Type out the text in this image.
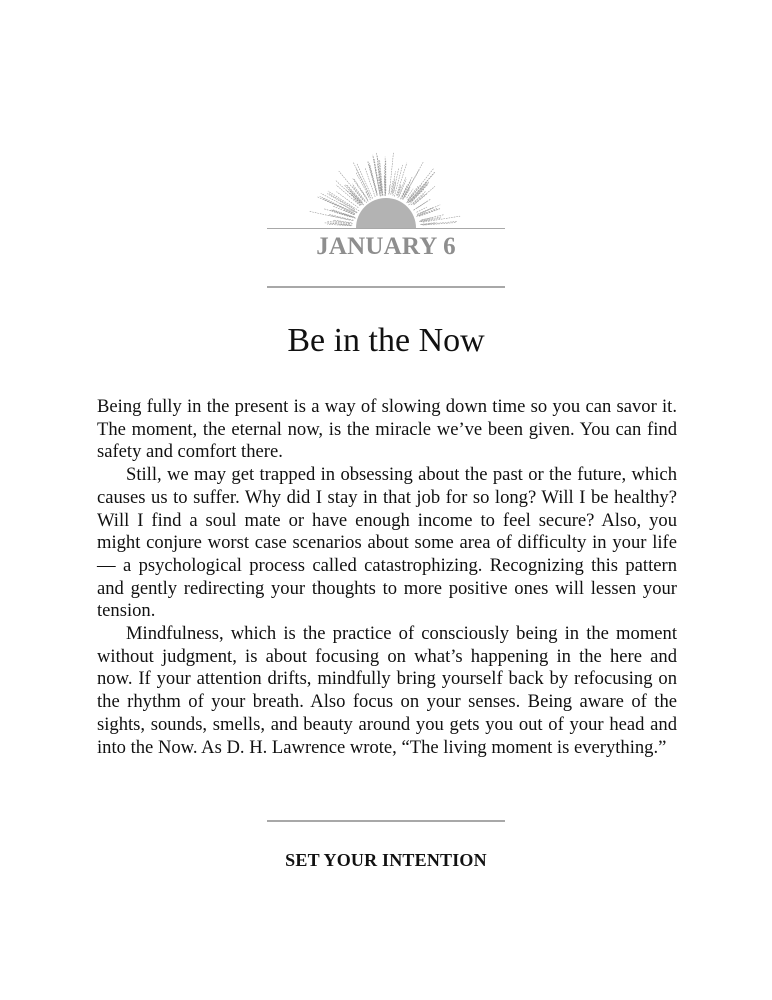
JANUARY 6
Be in the Now

Being fully in the present is a way of slowing down time so you can savor it. The moment, the eternal now, is the miracle we’ve been given. You can find safety and comfort there.

Still, we may get trapped in obsessing about the past or the future, which causes us to suffer. Why did I stay in that job for so long? Will I be healthy? Will I find a soul mate or have enough income to feel secure? Also, you might conjure worst case scenarios about some area of difficulty in your life — a psychological process called catastrophizing. Recognizing this pattern and gently redirecting your thoughts to more positive ones will lessen your tension.

Mindfulness, which is the practice of consciously being in the moment without judgment, is about focusing on what’s happening in the here and now. If your attention drifts, mindfully bring yourself back by refocusing on the rhythm of your breath. Also focus on your senses. Being aware of the sights, sounds, smells, and beauty around you gets you out of your head and into the Now. As D. H. Lawrence wrote, “The living moment is everything.”

SET YOUR INTENTION
